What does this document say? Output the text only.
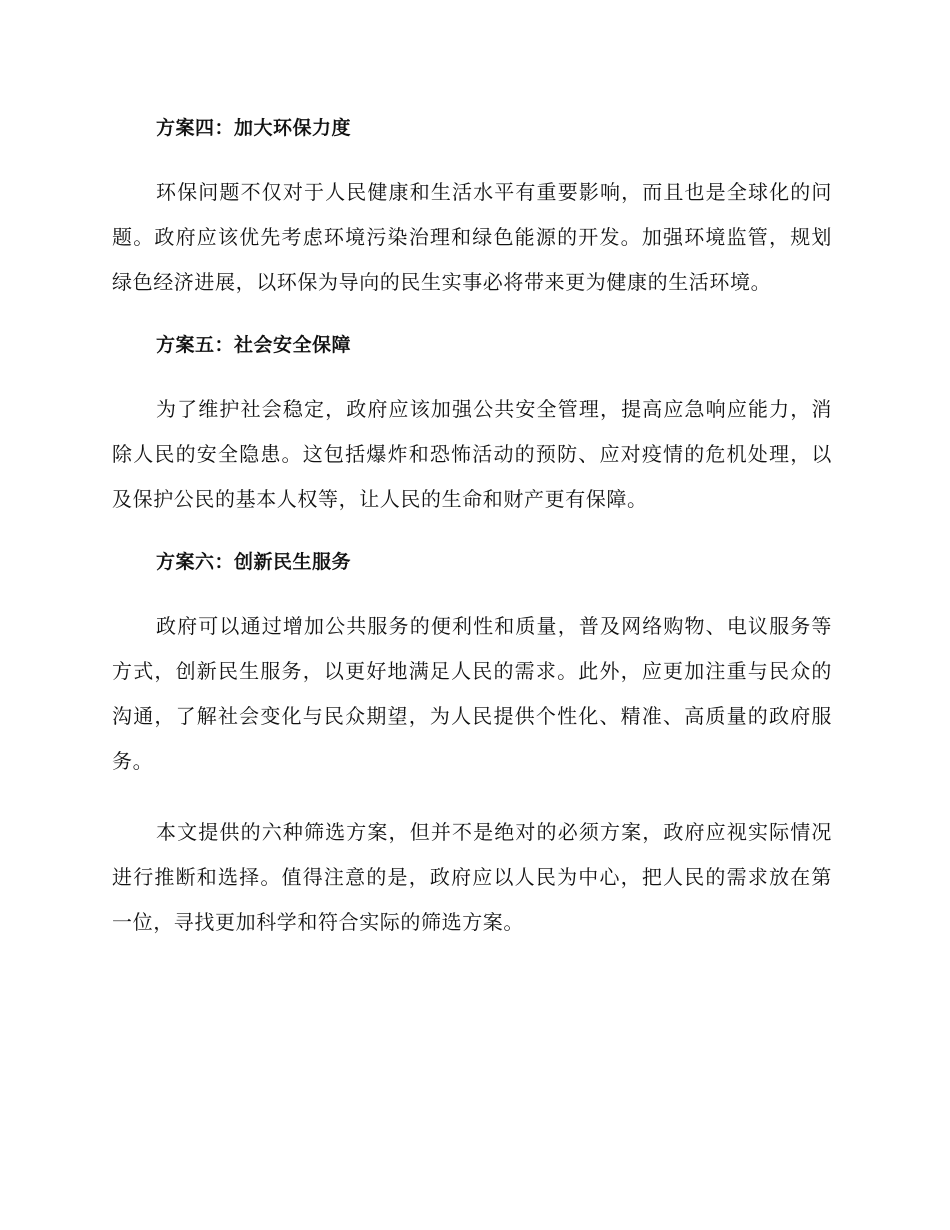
方案四：加大环保力度

环保问题不仅对于人民健康和生活水平有重要影响，而且也是全球化的问题。政府应该优先考虑环境污染治理和绿色能源的开发。加强环境监管，规划绿色经济进展，以环保为导向的民生实事必将带来更为健康的生活环境。

方案五：社会安全保障

为了维护社会稳定，政府应该加强公共安全管理，提高应急响应能力，消除人民的安全隐患。这包括爆炸和恐怖活动的预防、应对疫情的危机处理，以及保护公民的基本人权等，让人民的生命和财产更有保障。

方案六：创新民生服务

政府可以通过增加公共服务的便利性和质量，普及网络购物、电议服务等方式，创新民生服务，以更好地满足人民的需求。此外，应更加注重与民众的沟通，了解社会变化与民众期望，为人民提供个性化、精准、高质量的政府服务。

本文提供的六种筛选方案，但并不是绝对的必须方案，政府应视实际情况进行推断和选择。值得注意的是，政府应以人民为中心，把人民的需求放在第一位，寻找更加科学和符合实际的筛选方案。
